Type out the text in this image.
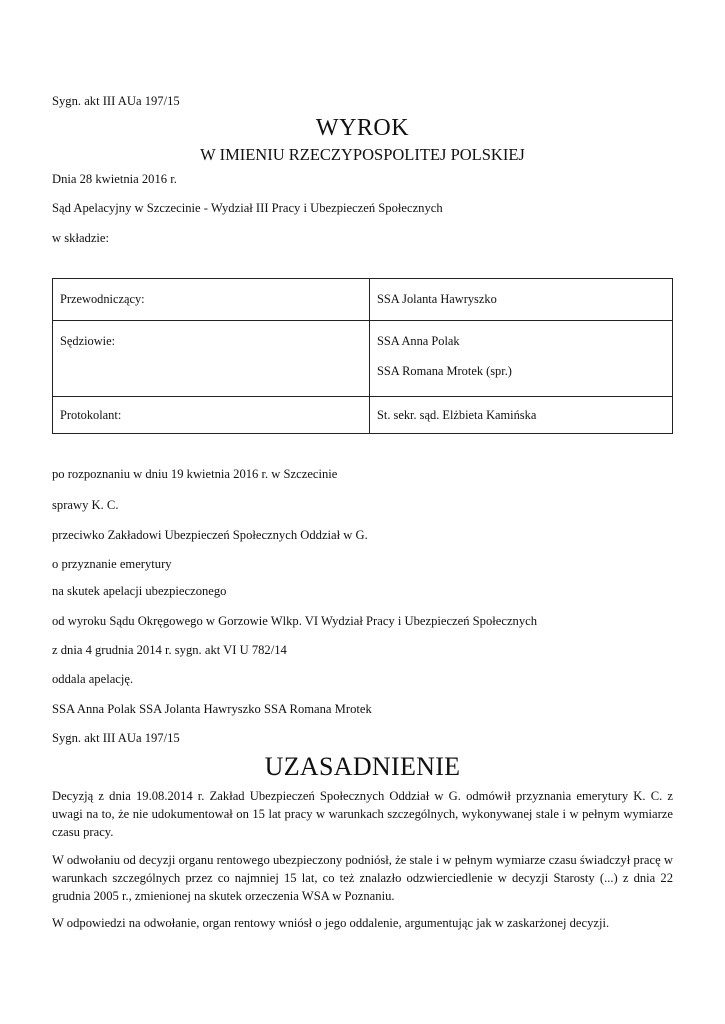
Sygn. akt III AUa 197/15
WYROK
W IMIENIU RZECZYPOSPOLITEJ POLSKIEJ
Dnia 28 kwietnia 2016 r.
Sąd Apelacyjny w Szczecinie - Wydział III Pracy i Ubezpieczeń Społecznych
w składzie:
Przewodniczący:	SSA Jolanta Hawryszko

Sędziowie:	SSA Anna Polak
SSA Romana Mrotek (spr.)

Protokolant:	St. sekr. sąd. Elżbieta Kamińska
po rozpoznaniu w dniu 19 kwietnia 2016 r. w Szczecinie
sprawy K. C.
przeciwko Zakładowi Ubezpieczeń Społecznych Oddział w G.
o przyznanie emerytury
na skutek apelacji ubezpieczonego
od wyroku Sądu Okręgowego w Gorzowie Wlkp. VI Wydział Pracy i Ubezpieczeń Społecznych
z dnia 4 grudnia 2014 r. sygn. akt VI U 782/14
oddala apelację.
SSA Anna Polak SSA Jolanta Hawryszko SSA Romana Mrotek
Sygn. akt III AUa 197/15
UZASADNIENIE
Decyzją z dnia 19.08.2014 r. Zakład Ubezpieczeń Społecznych Oddział w G. odmówił przyznania emerytury K. C. z uwagi na to, że nie udokumentował on 15 lat pracy w warunkach szczególnych, wykonywanej stale i w pełnym wymiarze czasu pracy.
W odwołaniu od decyzji organu rentowego ubezpieczony podniósł, że stale i w pełnym wymiarze czasu świadczył pracę w warunkach szczególnych przez co najmniej 15 lat, co też znalazło odzwierciedlenie w decyzji Starosty (...) z dnia 22 grudnia 2005 r., zmienionej na skutek orzeczenia WSA w Poznaniu.
W odpowiedzi na odwołanie, organ rentowy wniósł o jego oddalenie, argumentując jak w zaskarżonej decyzji.
